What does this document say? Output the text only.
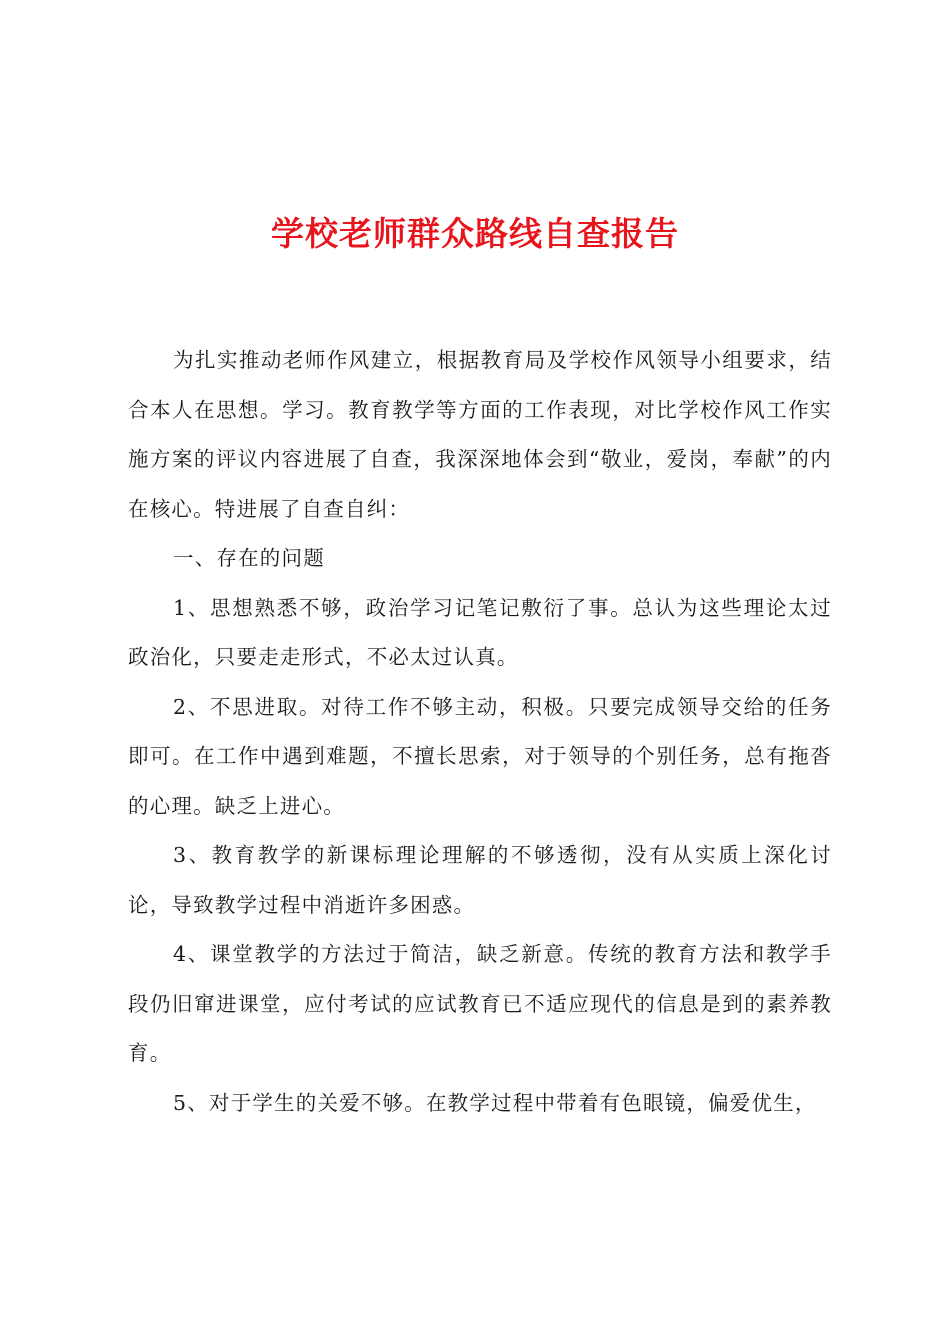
学校老师群众路线自查报告

为扎实推动老师作风建立，根据教育局及学校作风领导小组要求，结合本人在思想。学习。教育教学等方面的工作表现，对比学校作风工作实施方案的评议内容进展了自查，我深深地体会到“敬业，爱岗，奉献”的内在核心。特进展了自查自纠：

一、存在的问题

1、思想熟悉不够，政治学习记笔记敷衍了事。总认为这些理论太过政治化，只要走走形式，不必太过认真。

2、不思进取。对待工作不够主动，积极。只要完成领导交给的任务即可。在工作中遇到难题，不擅长思索，对于领导的个别任务，总有拖沓的心理。缺乏上进心。

3、教育教学的新课标理论理解的不够透彻，没有从实质上深化讨论，导致教学过程中消逝许多困惑。

4、课堂教学的方法过于简洁，缺乏新意。传统的教育方法和教学手段仍旧窜进课堂，应付考试的应试教育已不适应现代的信息是到的素养教育。

5、对于学生的关爱不够。在教学过程中带着有色眼镜，偏爱优生，
